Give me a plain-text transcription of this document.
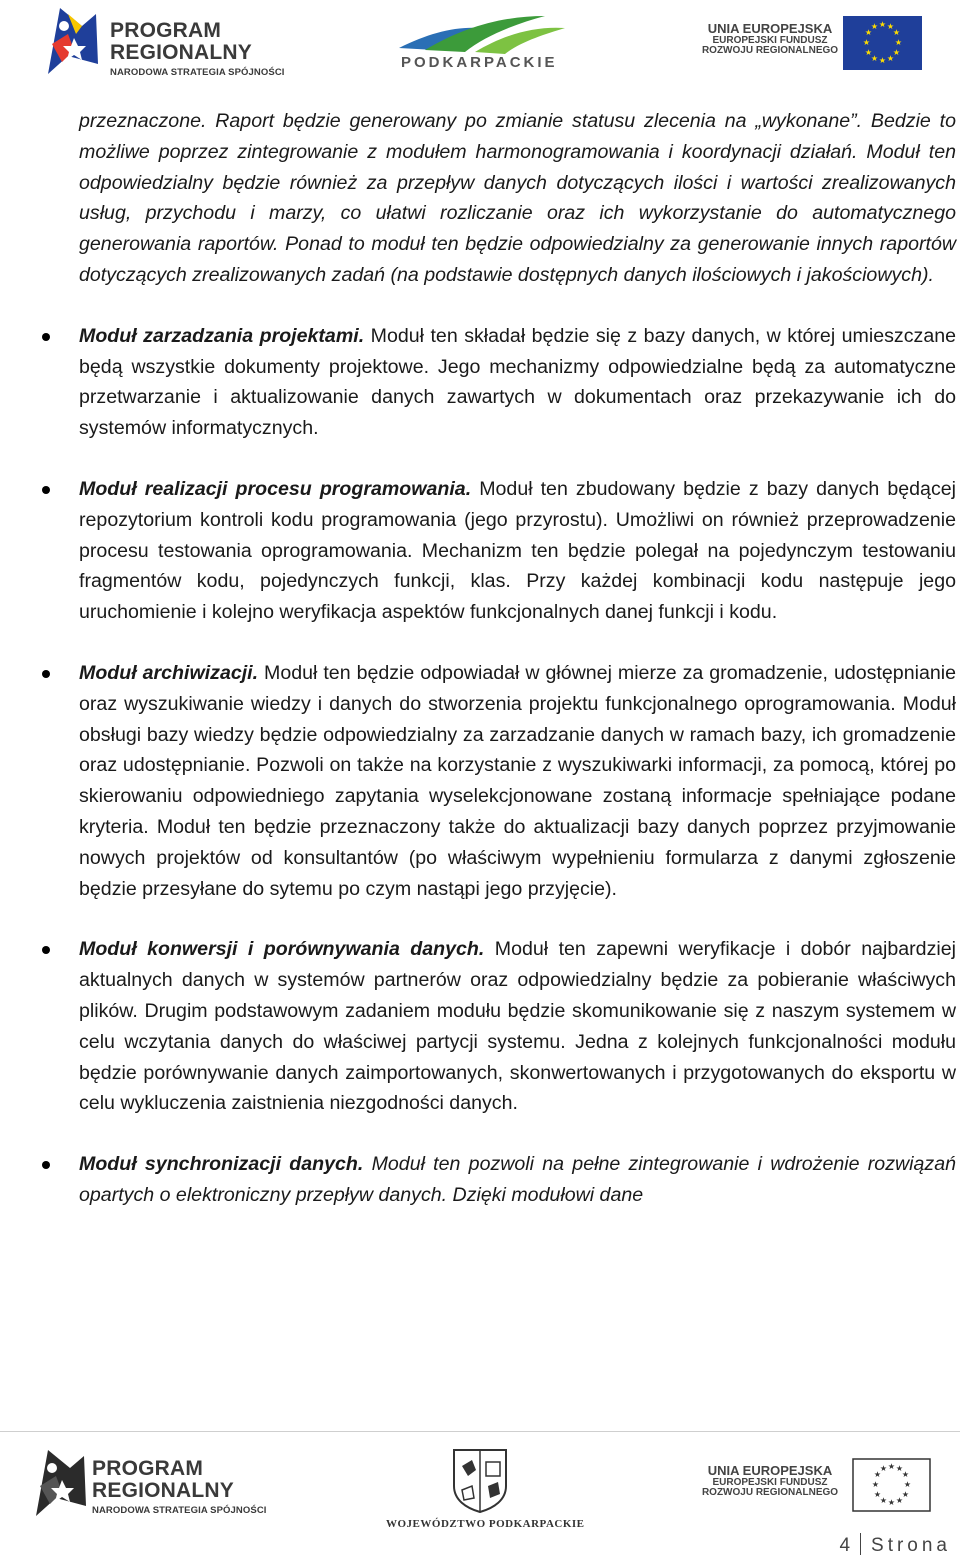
PROGRAM
REGIONALNY
NARODOWA STRATEGIA SPÓJNOŚCI
PODKARPACKIE
UNIA EUROPEJSKA
EUROPEJSKI FUNDUSZ
ROZWOJU REGIONALNEGO
★ ★
★
★
★
★
★
★
★
★
★
★

przeznaczone. Raport będzie generowany po zmianie statusu zlecenia na „wykonane”. Bedzie to możliwe poprzez zintegrowanie z modułem harmonogramowania i koordynacji działań. Moduł ten odpowiedzialny będzie również za przepływ danych dotyczących ilości i wartości zrealizowanych usług, przychodu i marzy, co ułatwi rozliczanie oraz ich wykorzystanie do automatycznego generowania raportów. Ponad to moduł ten będzie odpowiedzialny za generowanie innych raportów dotyczących zrealizowanych zadań (na podstawie dostępnych danych ilościowych i jakościowych).

Moduł zarzadzania projektami. Moduł ten składał będzie się z bazy danych, w której umieszczane będą wszystkie dokumenty projektowe. Jego mechanizmy odpowiedzialne będą za automatyczne przetwarzanie i aktualizowanie danych zawartych w dokumentach oraz przekazywanie ich do systemów informatycznych.

Moduł realizacji procesu programowania. Moduł ten zbudowany będzie z bazy danych będącej repozytorium kontroli kodu programowania (jego przyrostu). Umożliwi on również przeprowadzenie procesu testowania oprogramowania. Mechanizm ten będzie polegał na pojedynczym testowaniu fragmentów kodu, pojedynczych funkcji, klas. Przy każdej kombinacji kodu następuje jego uruchomienie i kolejno weryfikacja aspektów funkcjonalnych danej funkcji i kodu.

Moduł archiwizacji. Moduł ten będzie odpowiadał w głównej mierze za gromadzenie, udostępnianie oraz wyszukiwanie wiedzy i danych do stworzenia projektu funkcjonalnego oprogramowania. Moduł obsługi bazy wiedzy będzie odpowiedzialny za zarzadzanie danych w ramach bazy, ich gromadzenie oraz udostępnianie. Pozwoli on także na korzystanie z wyszukiwarki informacji, za pomocą, której po skierowaniu odpowiedniego zapytania wyselekcjonowane zostaną informacje spełniające podane kryteria. Moduł ten będzie przeznaczony także do aktualizacji bazy danych poprzez przyjmowanie nowych projektów od konsultantów (po właściwym wypełnieniu formularza z danymi zgłoszenie będzie przesyłane do sytemu po czym nastąpi jego przyjęcie).

Moduł konwersji i porównywania danych. Moduł ten zapewni weryfikacje i dobór najbardziej aktualnych danych w systemów partnerów oraz odpowiedzialny będzie za pobieranie właściwych plików. Drugim podstawowym zadaniem modułu będzie skomunikowanie się z naszym systemem w celu wczytania danych do właściwej partycji systemu. Jedna z kolejnych funkcjonalności modułu będzie porównywanie danych zaimportowanych, skonwertowanych i przygotowanych do eksportu w celu wykluczenia zaistnienia niezgodności danych.

Moduł synchronizacji danych. Moduł ten pozwoli na pełne zintegrowanie i wdrożenie rozwiązań opartych o elektroniczny przepływ danych. Dzięki modułowi dane

PROGRAM
REGIONALNY
NARODOWA STRATEGIA SPÓJNOŚCI
WOJEWÓDZTWO PODKARPACKIE
UNIA EUROPEJSKA
EUROPEJSKI FUNDUSZ
ROZWOJU REGIONALNEGO
★ ★
★
★
★
★
★
★
★
★
★
★
4 Strona
